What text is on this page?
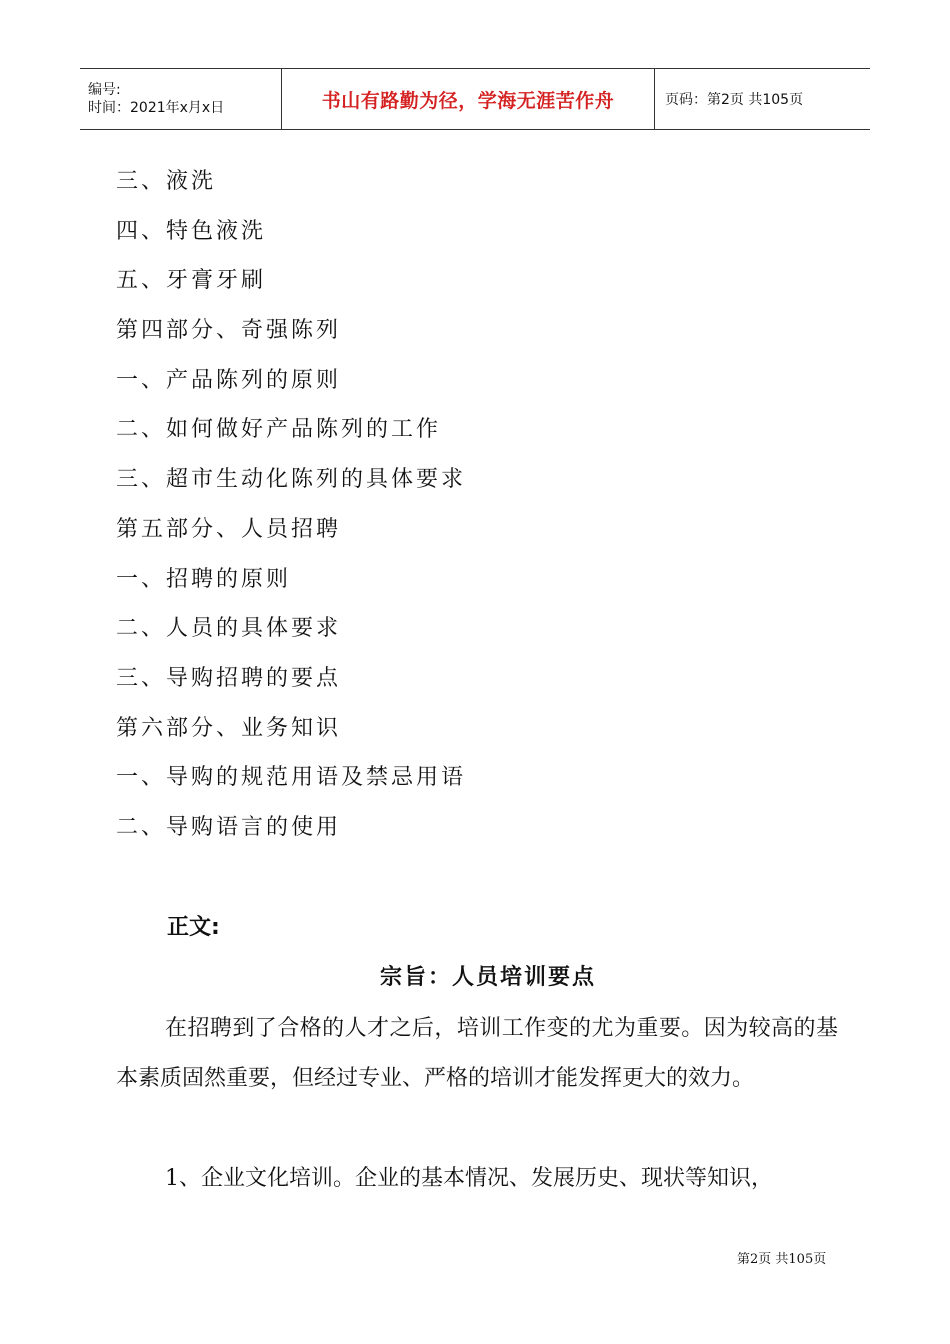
编号:
时间：2021年x月x日	书山有路勤为径，学海无涯苦作舟	页码：第2页 共105页
三、液洗
四、特色液洗
五、牙膏牙刷
第四部分、奇强陈列
一、产品陈列的原则
二、如何做好产品陈列的工作
三、超市生动化陈列的具体要求
第五部分、人员招聘
一、招聘的原则
二、人员的具体要求
三、导购招聘的要点
第六部分、业务知识
一、导购的规范用语及禁忌用语
二、导购语言的使用
正文:
宗旨：人员培训要点
在招聘到了合格的人才之后，培训工作变的尤为重要。因为较高的基本素质固然重要，但经过专业、严格的培训才能发挥更大的效力。
1、企业文化培训。企业的基本情况、发展历史、现状等知识，
第2页 共105页
